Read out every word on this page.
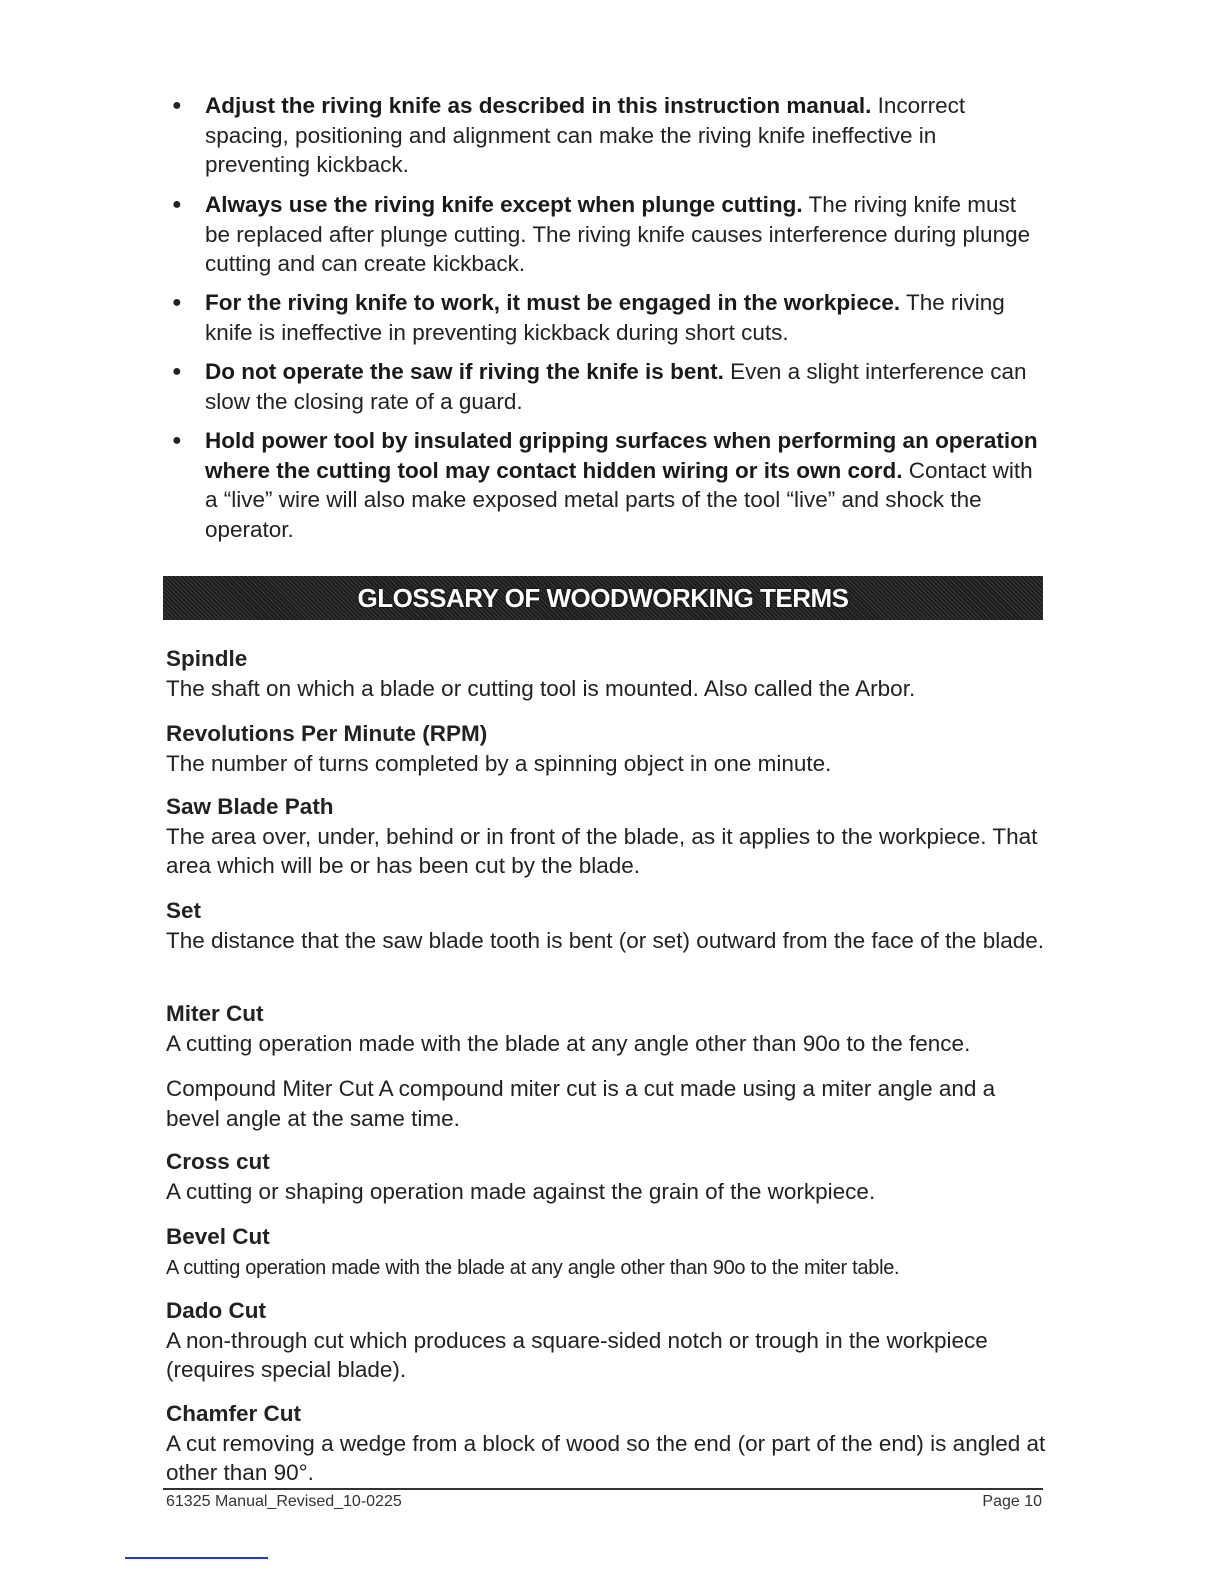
● Adjust the riving knife as described in this instruction manual. Incorrect spacing, positioning and alignment can make the riving knife ineffective in preventing kickback.
● Always use the riving knife except when plunge cutting. The riving knife must be replaced after plunge cutting. The riving knife causes interference during plunge cutting and can create kickback.
● For the riving knife to work, it must be engaged in the workpiece. The riving knife is ineffective in preventing kickback during short cuts.
● Do not operate the saw if riving the knife is bent. Even a slight interference can slow the closing rate of a guard.
● Hold power tool by insulated gripping surfaces when performing an operation where the cutting tool may contact hidden wiring or its own cord. Contact with a “live” wire will also make exposed metal parts of the tool “live” and shock the operator.
GLOSSARY OF WOODWORKING TERMS
Spindle
The shaft on which a blade or cutting tool is mounted. Also called the Arbor.
Revolutions Per Minute (RPM)
The number of turns completed by a spinning object in one minute.
Saw Blade Path
The area over, under, behind or in front of the blade, as it applies to the workpiece. That area which will be or has been cut by the blade.
Set
The distance that the saw blade tooth is bent (or set) outward from the face of the blade.
Miter Cut
A cutting operation made with the blade at any angle other than 90o to the fence.
Compound Miter Cut A compound miter cut is a cut made using a miter angle and a bevel angle at the same time.
Cross cut
A cutting or shaping operation made against the grain of the workpiece.
Bevel Cut
A cutting operation made with the blade at any angle other than 90o to the miter table.
Dado Cut
A non-through cut which produces a square-sided notch or trough in the workpiece (requires special blade).
Chamfer Cut
A cut removing a wedge from a block of wood so the end (or part of the end) is angled at other than 90°.
61325 Manual_Revised_10-0225	Page 10
